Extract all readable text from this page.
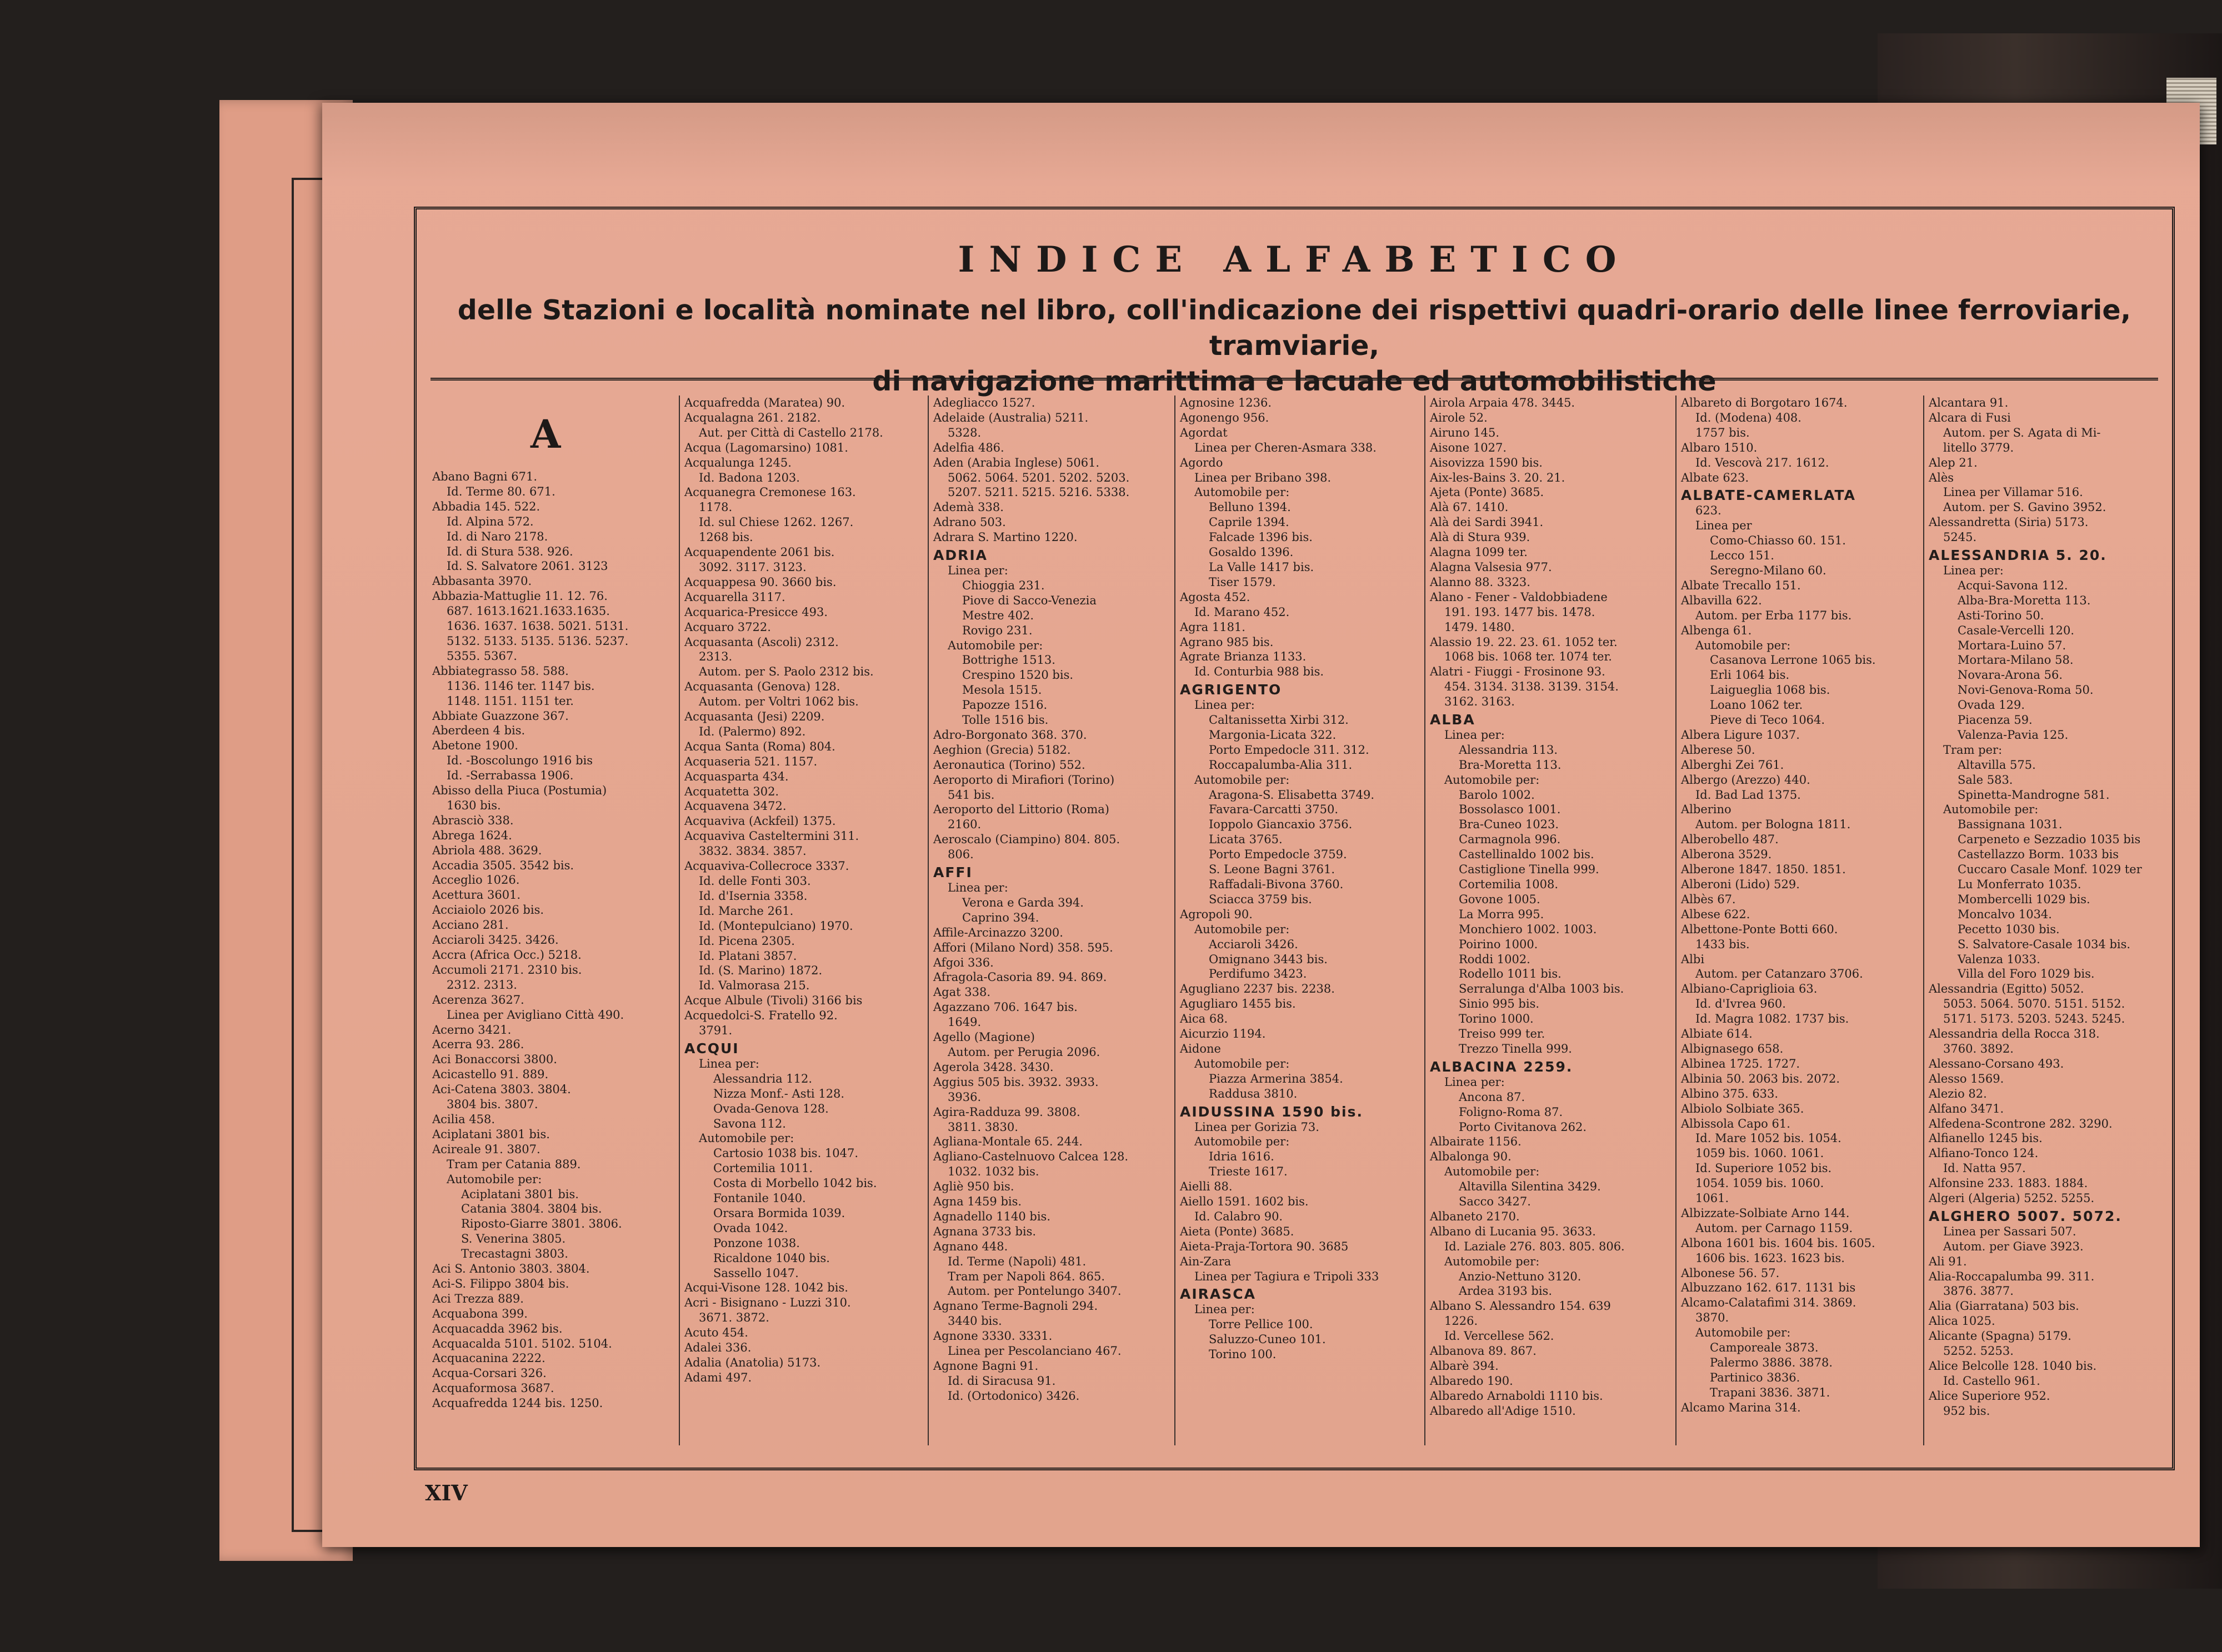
INDICE ALFABETICO
delle Stazioni e località nominate nel libro, coll'indicazione dei rispettivi quadri-orario delle linee ferroviarie, tramviarie,
di navigazione marittima e lacuale ed automobilistiche
A
Abano Bagni 671.
Id. Terme 80. 671.
Abbadia 145. 522.
Id. Alpina 572.
Id. di Naro 2178.
Id. di Stura 538. 926.
Id. S. Salvatore 2061. 3123
Abbasanta 3970.
Abbazia-Mattuglie 11. 12. 76.
687. 1613.1621.1633.1635.
1636. 1637. 1638. 5021. 5131.
5132. 5133. 5135. 5136. 5237.
5355. 5367.
Abbiategrasso 58. 588.
1136. 1146 ter. 1147 bis.
1148. 1151. 1151 ter.
Abbiate Guazzone 367.
Aberdeen 4 bis.
Abetone 1900.
Id. -Boscolungo 1916 bis
Id. -Serrabassa 1906.
Abisso della Piuca (Postumia)
1630 bis.
Abrasciò 338.
Abrega 1624.
Abriola 488. 3629.
Accadia 3505. 3542 bis.
Acceglio 1026.
Acettura 3601.
Acciaiolo 2026 bis.
Acciano 281.
Acciaroli 3425. 3426.
Accra (Africa Occ.) 5218.
Accumoli 2171. 2310 bis.
2312. 2313.
Acerenza 3627.
Linea per Avigliano Città 490.
Acerno 3421.
Acerra 93. 286.
Aci Bonaccorsi 3800.
Acicastello 91. 889.
Aci-Catena 3803. 3804.
3804 bis. 3807.
Acilia 458.
Aciplatani 3801 bis.
Acireale 91. 3807.
Tram per Catania 889.
Automobile per:
Aciplatani 3801 bis.
Catania 3804. 3804 bis.
Riposto-Giarre 3801. 3806.
S. Venerina 3805.
Trecastagni 3803.
Aci S. Antonio 3803. 3804.
Aci-S. Filippo 3804 bis.
Aci Trezza 889.
Acquabona 399.
Acquacadda 3962 bis.
Acquacalda 5101. 5102. 5104.
Acquacanina 2222.
Acqua-Corsari 326.
Acquaformosa 3687.
Acquafredda 1244 bis. 1250.
Acquafredda (Maratea) 90.
Acqualagna 261. 2182.
Aut. per Città di Castello 2178.
Acqua (Lagomarsino) 1081.
Acqualunga 1245.
Id. Badona 1203.
Acquanegra Cremonese 163.
1178.
Id. sul Chiese 1262. 1267.
1268 bis.
Acquapendente 2061 bis.
3092. 3117. 3123.
Acquappesa 90. 3660 bis.
Acquarella 3117.
Acquarica-Presicce 493.
Acquaro 3722.
Acquasanta (Ascoli) 2312.
2313.
Autom. per S. Paolo 2312 bis.
Acquasanta (Genova) 128.
Autom. per Voltri 1062 bis.
Acquasanta (Jesi) 2209.
Id. (Palermo) 892.
Acqua Santa (Roma) 804.
Acquaseria 521. 1157.
Acquasparta 434.
Acquatetta 302.
Acquavena 3472.
Acquaviva (Ackfeil) 1375.
Acquaviva Castelterminі 311.
3832. 3834. 3857.
Acquaviva-Collecroce 3337.
Id. delle Fonti 303.
Id. d'Isernia 3358.
Id. Marche 261.
Id. (Montepulciano) 1970.
Id. Picena 2305.
Id. Platani 3857.
Id. (S. Marino) 1872.
Id. Valmorasa 215.
Acque Albule (Tivoli) 3166 bis
Acquedolci-S. Fratello 92.
3791.
ACQUI
Linea per:
Alessandria 112.
Nizza Monf.- Asti 128.
Ovada-Genova 128.
Savona 112.
Automobile per:
Cartosio 1038 bis. 1047.
Cortemilia 1011.
Costa di Morbello 1042 bis.
Fontanile 1040.
Orsara Bormida 1039.
Ovada 1042.
Ponzone 1038.
Ricaldone 1040 bis.
Sassello 1047.
Acqui-Visone 128. 1042 bis.
Acri - Bisignano - Luzzi 310.
3671. 3872.
Acuto 454.
Adalei 336.
Adalia (Anatolia) 5173.
Adami 497.
Adegliacco 1527.
Adelaide (Australia) 5211.
5328.
Adelfia 486.
Aden (Arabia Inglese) 5061.
5062. 5064. 5201. 5202. 5203.
5207. 5211. 5215. 5216. 5338.
Ademà 338.
Adrano 503.
Adrara S. Martino 1220.
ADRIA
Linea per:
Chioggia 231.
Piove di Sacco-Venezia
Mestre 402.
Rovigo 231.
Automobile per:
Bottrighe 1513.
Crespino 1520 bis.
Mesola 1515.
Papozze 1516.
Tolle 1516 bis.
Adro-Borgonato 368. 370.
Aeghion (Grecia) 5182.
Aeronautica (Torino) 552.
Aeroporto di Mirafiori (Torino)
541 bis.
Aeroporto del Littorio (Roma)
2160.
Aeroscalo (Ciampino) 804. 805.
806.
AFFI
Linea per:
Verona e Garda 394.
Caprino 394.
Affile-Arcinazzo 3200.
Affori (Milano Nord) 358. 595.
Afgoi 336.
Afragola-Casoria 89. 94. 869.
Agat 338.
Agazzano 706. 1647 bis.
1649.
Agello (Magione)
Autom. per Perugia 2096.
Agerola 3428. 3430.
Aggius 505 bis. 3932. 3933.
3936.
Agira-Radduza 99. 3808.
3811. 3830.
Agliana-Montale 65. 244.
Agliano-Castelnuovo Calcea 128.
1032. 1032 bis.
Agliè 950 bis.
Agna 1459 bis.
Agnadello 1140 bis.
Agnana 3733 bis.
Agnano 448.
Id. Terme (Napoli) 481.
Tram per Napoli 864. 865.
Autom. per Pontelungo 3407.
Agnano Terme-Bagnoli 294.
3440 bis.
Agnone 3330. 3331.
Linea per Pescolanciano 467.
Agnone Bagni 91.
Id. di Siracusa 91.
Id. (Ortodonico) 3426.
Agnosine 1236.
Agonengo 956.
Agordat
Linea per Cheren-Asmara 338.
Agordo
Linea per Bribano 398.
Automobile per:
Belluno 1394.
Caprile 1394.
Falcade 1396 bis.
Gosaldo 1396.
La Valle 1417 bis.
Tiser 1579.
Agosta 452.
Id. Marano 452.
Agra 1181.
Agrano 985 bis.
Agrate Brianza 1133.
Id. Conturbia 988 bis.
AGRIGENTO
Linea per:
Caltanissetta Xirbi 312.
Margonia-Licata 322.
Porto Empedocle 311. 312.
Roccapalumba-Alia 311.
Automobile per:
Aragona-S. Elisabetta 3749.
Favara-Carcatti 3750.
Ioppolo Giancaxio 3756.
Licata 3765.
Porto Empedocle 3759.
S. Leone Bagni 3761.
Raffadali-Bivona 3760.
Sciacca 3759 bis.
Agropoli 90.
Automobile per:
Acciaroli 3426.
Omignano 3443 bis.
Perdifumo 3423.
Agugliano 2237 bis. 2238.
Agugliaro 1455 bis.
Aica 68.
Aicurzio 1194.
Aidone
Automobile per:
Piazza Armerina 3854.
Raddusa 3810.
AIDUSSINA 1590 bis.
Linea per Gorizia 73.
Automobile per:
Idria 1616.
Trieste 1617.
Aielli 88.
Aiello 1591. 1602 bis.
Id. Calabro 90.
Aieta (Ponte) 3685.
Aieta-Praja-Tortora 90. 3685
Ain-Zara
Linea per Tagiura e Tripoli 333
AIRASCA
Linea per:
Torre Pellice 100.
Saluzzo-Cuneo 101.
Torino 100.
Airola Arpaia 478. 3445.
Airole 52.
Airuno 145.
Aisone 1027.
Aisovizza 1590 bis.
Aix-les-Bains 3. 20. 21.
Ajeta (Ponte) 3685.
Alà 67. 1410.
Alà dei Sardi 3941.
Alà di Stura 939.
Alagna 1099 ter.
Alagna Valsesia 977.
Alanno 88. 3323.
Alano - Fener - Valdobbiadene
191. 193. 1477 bis. 1478.
1479. 1480.
Alassio 19. 22. 23. 61. 1052 ter.
1068 bis. 1068 ter. 1074 ter.
Alatri - Fiuggi - Frosinone 93.
454. 3134. 3138. 3139. 3154.
3162. 3163.
ALBA
Linea per:
Alessandria 113.
Bra-Moretta 113.
Automobile per:
Barolo 1002.
Bossolasco 1001.
Bra-Cuneo 1023.
Carmagnola 996.
Castellinaldo 1002 bis.
Castiglione Tinella 999.
Cortemilia 1008.
Govone 1005.
La Morra 995.
Monchiero 1002. 1003.
Poirino 1000.
Roddi 1002.
Rodello 1011 bis.
Serralunga d'Alba 1003 bis.
Sinio 995 bis.
Torino 1000.
Treiso 999 ter.
Trezzo Tinella 999.
ALBACINA 2259.
Linea per:
Ancona 87.
Foligno-Roma 87.
Porto Civitanova 262.
Albairate 1156.
Albalonga 90.
Automobile per:
Altavilla Silentina 3429.
Sacco 3427.
Albaneto 2170.
Albano di Lucania 95. 3633.
Id. Laziale 276. 803. 805. 806.
Automobile per:
Anzio-Nettuno 3120.
Ardea 3193 bis.
Albano S. Alessandro 154. 639
1226.
Id. Vercellese 562.
Albanova 89. 867.
Albarè 394.
Albaredo 190.
Albaredo Arnaboldi 1110 bis.
Albaredo all'Adige 1510.
Albareto di Borgotaro 1674.
Id. (Modena) 408.
1757 bis.
Albaro 1510.
Id. Vescovà 217. 1612.
Albate 623.
ALBATE-CAMERLATA
623.
Linea per
Como-Chiasso 60. 151.
Lecco 151.
Seregno-Milano 60.
Albate Trecallo 151.
Albavilla 622.
Autom. per Erba 1177 bis.
Albenga 61.
Automobile per:
Casanova Lerrone 1065 bis.
Erli 1064 bis.
Laigueglia 1068 bis.
Loano 1062 ter.
Pieve di Teco 1064.
Albera Ligure 1037.
Alberese 50.
Alberghi Zei 761.
Albergo (Arezzo) 440.
Id. Bad Lad 1375.
Alberino
Autom. per Bologna 1811.
Alberobello 487.
Alberona 3529.
Alberone 1847. 1850. 1851.
Alberoni (Lido) 529.
Albès 67.
Albese 622.
Albettone-Ponte Botti 660.
1433 bis.
Albi
Autom. per Catanzaro 3706.
Albiano-Capriglioia 63.
Id. d'Ivrea 960.
Id. Magra 1082. 1737 bis.
Albiate 614.
Albignasego 658.
Albinea 1725. 1727.
Albinia 50. 2063 bis. 2072.
Albino 375. 633.
Albiolo Solbiate 365.
Albissola Capo 61.
Id. Mare 1052 bis. 1054.
1059 bis. 1060. 1061.
Id. Superiore 1052 bis.
1054. 1059 bis. 1060.
1061.
Albizzate-Solbiate Arno 144.
Autom. per Carnago 1159.
Albona 1601 bis. 1604 bis. 1605.
1606 bis. 1623. 1623 bis.
Albonese 56. 57.
Albuzzano 162. 617. 1131 bis
Alcamo-Calatafimi 314. 3869.
3870.
Automobile per:
Camporeale 3873.
Palermo 3886. 3878.
Partinico 3836.
Trapani 3836. 3871.
Alcamo Marina 314.
Alcantara 91.
Alcara di Fusi
Autom. per S. Agata di Mi-
litello 3779.
Alep 21.
Alès
Linea per Villamar 516.
Autom. per S. Gavino 3952.
Alessandretta (Siria) 5173.
5245.
ALESSANDRIA 5. 20.
Linea per:
Acqui-Savona 112.
Alba-Bra-Moretta 113.
Asti-Torino 50.
Casale-Vercelli 120.
Mortara-Luino 57.
Mortara-Milano 58.
Novara-Arona 56.
Novi-Genova-Roma 50.
Ovada 129.
Piacenza 59.
Valenza-Pavia 125.
Tram per:
Altavilla 575.
Sale 583.
Spinetta-Mandrogne 581.
Automobile per:
Bassignana 1031.
Carpeneto e Sezzadio 1035 bis
Castellazzo Borm. 1033 bis
Cuccaro Casale Monf. 1029 ter
Lu Monferrato 1035.
Mombercelli 1029 bis.
Moncalvo 1034.
Pecetto 1030 bis.
S. Salvatore-Casale 1034 bis.
Valenza 1033.
Villa del Foro 1029 bis.
Alessandria (Egitto) 5052.
5053. 5064. 5070. 5151. 5152.
5171. 5173. 5203. 5243. 5245.
Alessandria della Rocca 318.
3760. 3892.
Alessano-Corsano 493.
Alesso 1569.
Alezio 82.
Alfano 3471.
Alfedena-Scontrone 282. 3290.
Alfianello 1245 bis.
Alfiano-Tonco 124.
Id. Natta 957.
Alfonsine 233. 1883. 1884.
Algeri (Algeria) 5252. 5255.
ALGHERO 5007. 5072.
Linea per Sassari 507.
Autom. per Giave 3923.
Ali 91.
Alia-Roccapalumba 99. 311.
3876. 3877.
Alia (Giarratana) 503 bis.
Alica 1025.
Alicante (Spagna) 5179.
5252. 5253.
Alice Belcolle 128. 1040 bis.
Id. Castello 961.
Alice Superiore 952.
952 bis.
XIV
